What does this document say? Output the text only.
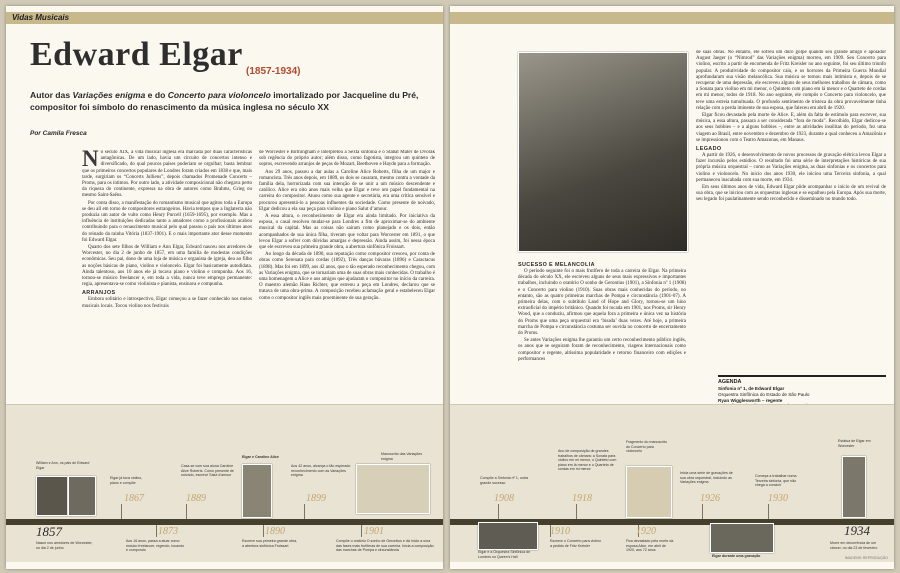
Vidas Musicais
Edward Elgar (1857-1934)
Autor das Variações enigma e do Concerto para violoncelo imortalizado por Jacqueline du Pré, compositor foi símbolo do renascimento da música inglesa no século XX
Por Camila Fresca
N o século XIX, a vida musical inglesa era marcada por duas características antagônicas. De um lado, havia um circuito de concertos intenso e diversificado, do qual poucos países poderiam se orgulhar; basta lembrar que os primeiros concertos populares de Londres foram criados em 1838 e que, mais tarde, surgiriam os “Concerts Julliens”, depois chamados Promenade Concerts – Proms, para os íntimos. Por outro lado, a atividade composicional não chegava perto da riqueza do continente, expressa na obra de autores como Brahms, Grieg ou mesmo Saint-Saëns.

Por conta disso, a manifestação do romantismo musical que agitou toda a Europa se deu all em torno de compositores estrangeiros. Havia tempos que a Inglaterra não produzia um autor de vulto como Henry Purcell (1659-1695), por exemplo. Mas a influência de instituições dedicadas tanto a amadores como a profissionais acabou contribuindo para o renascimento musical pelo qual passou o país nos últimos anos do reinado da rainha Vitória (1837-1901). E o mais importante ator desse momento foi Edward Elgar.

Quarto dos sete filhos de William e Ann Elgar, Edward nasceu nos arredores de Worcester, no dia 2 de junho de 1857, em uma família de modestas condições econômicas. Seu pai, dono de uma loja de música e organista de igreja, deu ao filho as noções básicas de piano, violino e violoncelo. Elgar foi basicamente autodidata. Ainda talentoso, aos 10 anos ele já tocava piano e violino e compunha. Aos 16, tornou-se músico freelancer e, em toda a vida, nunca teve emprego permanente: regia, apresentava-se como violinista e pianista, ensinava e compunha.

ARRANJOS

Embora solitário e introspectivo, Elgar começou a se fazer conhecido nos meios musicais locais. Tocou violino nos festivais

de Worcester e Birmingham e interpretou a Sexta sinfonia e o Stabat Mater de Dvorák sob regência do próprio autor; além disso, como fagotista, integrou um quinteto de sopros, escrevendo arranjos de peças de Mozart, Beethoven e Haydn para a formação.

Aos 29 anos, passou a dar aulas a Caroline Alice Roberts, filha de um major e romancista. Três anos depois, em 1889, os dois se casaram, mesmo contra a vontade da família dela, horrorizada com sua intenção de se unir a um músico descendente e católico. Alice era oito anos mais velha que Elgar e teve um papel fundamental na carreira do compositor. Atuou como sua agente e secretária, era uma crítica sensível e procurou apresentá-lo a pessoas influentes da sociedade. Como presente de noivado, Elgar dedicou a ela sua peça para violino e piano Salut d’amour.

A essa altura, o reconhecimento de Elgar era ainda limitado. Por iniciativa da esposa, o casal resolveu mudar-se para Londres a fim de aproximar-se do ambiente musical da capital. Mas as coisas não saíram como planejado e os dois, então acompanhados de sua única filha, tiveram que voltar para Worcester em 1891, o que levou Elgar a sofrer com dúvidas amargas e depressão. Ainda assim, foi nessa época que ele escreveu sua primeira grande obra, a abertura sinfônica Froissart.

Ao longo da década de 1890, sua reputação como compositor cresceu, por conta de obras como Serenata para cordas (1892), Três danças bávaras (1896) e Caractacus (1898). Mas foi em 1899, aos 42 anos, que o tão esperado reconhecimento chegou, com as Variações enigma, que se tornariam uma de suas obras mais conhecidas. O trabalho é uma homenagem a Alice e aos amigos que ajudaram o compositor no início da carreira. O maestro alemão Hans Richter, que estreou a peça em Londres, declarou que se tratava de uma obra-prima. A composição recebeu aclamação geral e estabeleceu Elgar como o compositor inglês mais proeminente de sua geração.

William e Ann, os pais de Edward Elgar
1857
Nasce nos arredores de Worcester, no dia 2 de junho
1867
Elgar já toca violino, piano e compõe
1873
Aos 16 anos, passa a atuar como músico freelancer, regendo, tocando e compondo
1889
Casa-se com sua aluna Caroline Alice Roberts. Como presente de noivado, escreve Salut d’amour
Elgar e Caroline Alice
1890
Escreve sua primeira grande obra, a abertura sinfônica Froissart
1899
Aos 42 anos, alcança o tão esperado reconhecimento com as Variações enigma
Manuscrito das Variações enigma
1901
Compõe o oratório O sonho de Gerontius e dá início a uma das fases mais frutíferas de sua carreira. Inicia a composição das marchas de Pompa e circunstância
SUCESSO E MELANCOLIA

O período seguinte foi o mais frutífero de toda a carreira de Elgar. Na primeira década do século XX, ele escreveu alguns de seus mais expressivos e importantes trabalhos, incluindo o oratório O sonho de Gerontius (1901), a Sinfonia nº 1 (1908) e o Concerto para violino (1910). Suas obras mais conhecidas do período, no entanto, são as quatro primeiras marchas de Pompa e circunstância (1901-07). A primeira delas, com o subtítulo Land of Hope and Glory, tornou-se um hino extraoficial do império britânico. Quando foi tocada em 1901, nos Proms, sir Henry Wood, que a conduziu, afirmou que aquela fora a primeira e única vez na história do Proms que uma peça orquestral era ‘bisada’ duas vezes. Até hoje, a primeira marcha de Pompa e circunstância costuma ser ouvida no concerto de encerramento do Proms.

Se antes Variações enigma lhe garantiu um certo reconhecimento público inglês, os anos que se seguiram foram de reconhecimento, viagens internacionais como compositor e regente, altíssima popularidade e retorno financeiro com edições e performances

de suas obras. No entanto, ele sofreu um duro golpe quando seu grande amigo e apoiador August Jaeger (o “Nimrod” das Variações enigma) morreu, em 1909. Seu Concerto para violino, escrito a partir de encomenda de Fritz Kreisler no ano seguinte, foi seu último triunfo popular. A produtividade do compositor caiu, e os horrores da Primeira Guerra Mundial aprofundaram sua visão melancólica. Sua música se tornou mais intimista e, depois de se recuperar de uma depressão, ele escreveu alguns de seus melhores trabalhos de câmara, como a Sonata para violino em mi menor, o Quinteto com piano em lá menor e o Quarteto de cordas em mi menor, todos de 1918. No ano seguinte, ele compôs o Concerto para violoncelo, que teve uma estreia tumultuada. O profundo sentimento de tristeza da obra provavelmente tinha relação com a perda iminente de sua esposa, que faleceu em abril de 1920.

Elgar ficou devastado pela morte de Alice. E, além da falta de estímulo para escrever, sua música, a essa altura, passara a ser considerada “fora de moda”. Recolhido, Elgar dedicou-se aos seus hobbies – e a alguns hobbies –, entre as atividades insólitas do período, fez uma viagem ao Brasil, entre novembro e dezembro de 1923, durante a qual conheceu a Amazônia e se impressionou com o Teatro Amazonas, em Manaus.

LEGADO

A partir de 1926, o desenvolvimento de novos processos de gravação elétrica levou Elgar a fazer incursão pelos estúdios. O resultado foi uma série de interpretações históricas de sua própria música orquestral – como as Variações enigma, as duas sinfonias e os concertos para violino e violoncelo. No início dos anos 1930, ele iniciou uma Terceira sinfonia, a qual permaneceu inacabada com sua morte, em 1934.

Em seus últimos anos de vida, Edward Elgar pôde acompanhar o início de um revival de sua obra, que se iniciou com as orquestras inglesas e se espalhou pela Europa. Após sua morte, seu legado foi paulatinamente sendo reconhecido e disseminado no mundo todo.

AGENDA
Sinfonia nº 1, de Edward Elgar
Orquestra Sinfônica do Estado de São Paulo
Ryan Wigglesworth – regente
1908
Compõe a Sinfonia nº 1, outra grande sucesso
Elgar e a Orquestra Sinfônica de Londres no Queen’s Hall
1910
Escreve o Concerto para violino a pedido de Fritz Kreisler
1918
Ano de composição de grandes trabalhos de câmara: a Sonata para violino em mi menor, o Quinteto com piano em lá menor e o Quarteto de cordas em mi menor
Fragmento do manuscrito do Concerto para violoncelo
1920
Fica devastado pela morte da esposa Alice, em abril de 1920, aos 72 anos
1926
Inicia uma série de gravações de sua obra orquestral, incluindo as Variações enigma
1930
Começa a trabalhar numa Terceira sinfonia, que não chega a concluir
Elgar durante uma gravação
Estátua de Elgar em Worcester
1934
Morre em decorrência de um câncer, no dia 23 de fevereiro
IMAGENS: REPRODUÇÃO
